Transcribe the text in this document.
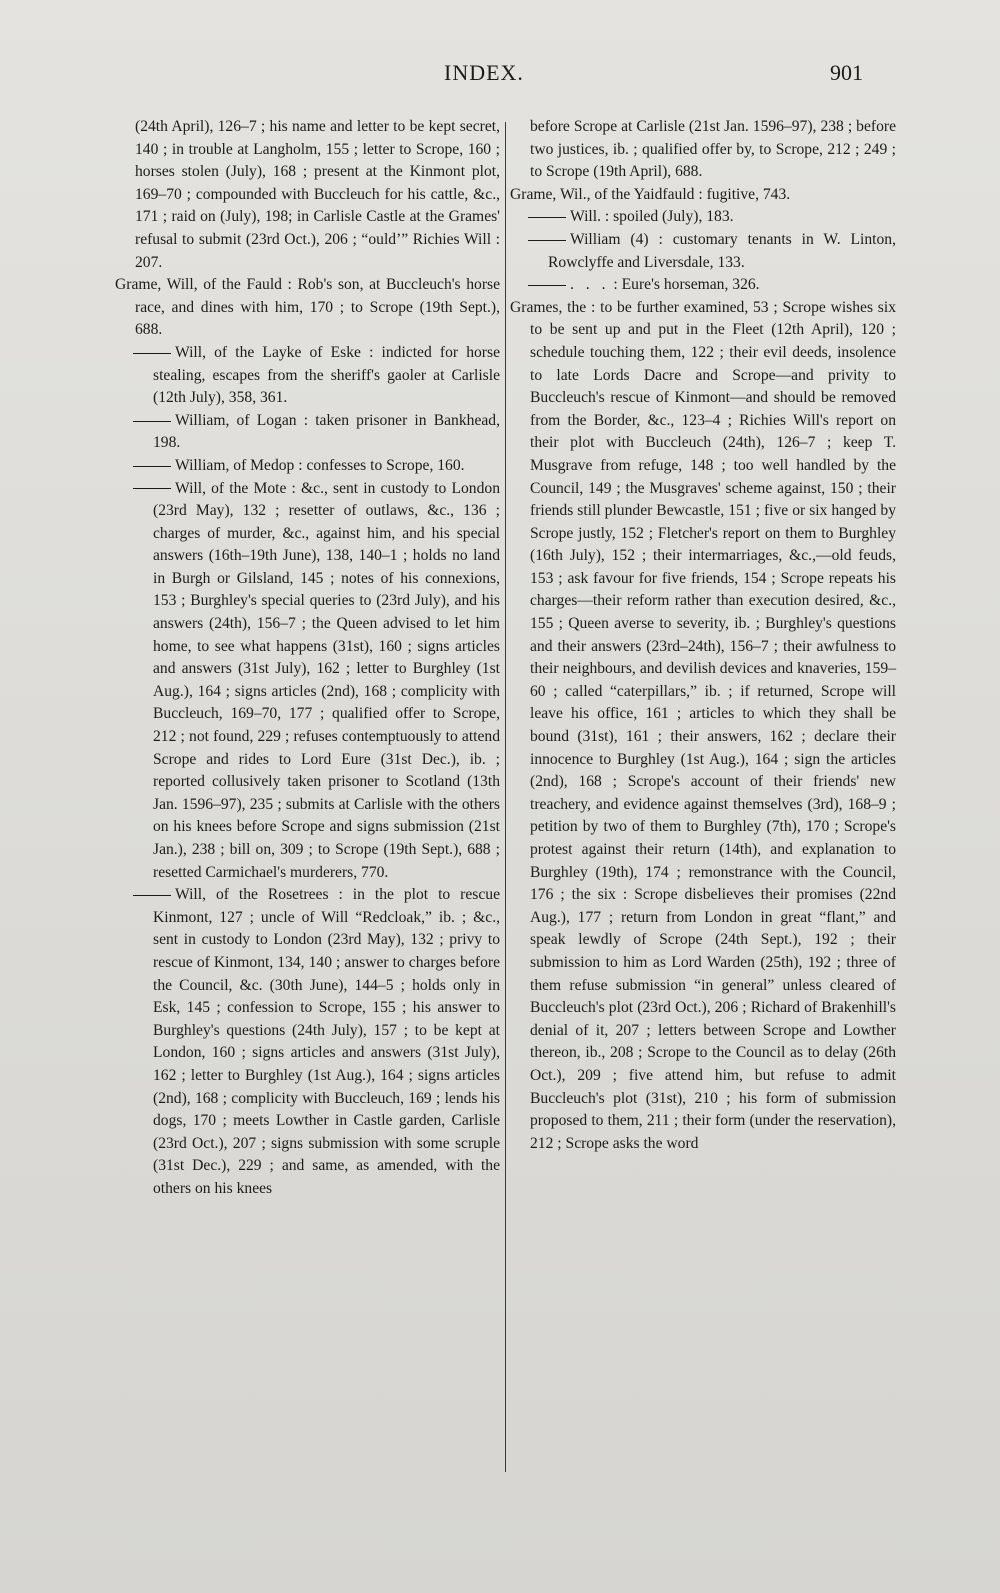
INDEX.	901

(24th April), 126–7 ; his name and letter to be kept secret, 140 ; in trouble at Langholm, 155 ; letter to Scrope, 160 ; horses stolen (July), 168 ; present at the Kinmont plot, 169–70 ; compounded with Buccleuch for his cattle, &c., 171 ; raid on (July), 198; in Carlisle Castle at the Grames' refusal to submit (23rd Oct.), 206 ; “ouldʼ” Richies Will : 207.

Grame, Will, of the Fauld : Rob's son, at Buccleuch's horse race, and dines with him, 170 ; to Scrope (19th Sept.), 688.

Will, of the Layke of Eske : indicted for horse stealing, escapes from the sheriff's gaoler at Carlisle (12th July), 358, 361.

William, of Logan : taken prisoner in Bankhead, 198.

William, of Medop : confesses to Scrope, 160.

Will, of the Mote : &c., sent in custody to London (23rd May), 132 ; resetter of outlaws, &c., 136 ; charges of murder, &c., against him, and his special answers (16th–19th June), 138, 140–1 ; holds no land in Burgh or Gilsland, 145 ; notes of his connexions, 153 ; Burghley's special queries to (23rd July), and his answers (24th), 156–7 ; the Queen advised to let him home, to see what happens (31st), 160 ; signs articles and answers (31st July), 162 ; letter to Burghley (1st Aug.), 164 ; signs articles (2nd), 168 ; complicity with Buccleuch, 169–70, 177 ; qualified offer to Scrope, 212 ; not found, 229 ; refuses contemptuously to attend Scrope and rides to Lord Eure (31st Dec.), ib. ; reported collusively taken prisoner to Scotland (13th Jan. 1596–97), 235 ; submits at Carlisle with the others on his knees before Scrope and signs submission (21st Jan.), 238 ; bill on, 309 ; to Scrope (19th Sept.), 688 ; resetted Carmichael's murderers, 770.

Will, of the Rosetrees : in the plot to rescue Kinmont, 127 ; uncle of Will “Redcloak,” ib. ; &c., sent in custody to London (23rd May), 132 ; privy to rescue of Kinmont, 134, 140 ; answer to charges before the Council, &c. (30th June), 144–5 ; holds only in Esk, 145 ; confession to Scrope, 155 ; his answer to Burghley's questions (24th July), 157 ; to be kept at London, 160 ; signs articles and answers (31st July), 162 ; letter to Burghley (1st Aug.), 164 ; signs articles (2nd), 168 ; complicity with Buccleuch, 169 ; lends his dogs, 170 ; meets Lowther in Castle garden, Carlisle (23rd Oct.), 207 ; signs submission with some scruple (31st Dec.), 229 ; and same, as amended, with the others on his knees

before Scrope at Carlisle (21st Jan. 1596–97), 238 ; before two justices, ib. ; qualified offer by, to Scrope, 212 ; 249 ; to Scrope (19th April), 688.

Grame, Wil., of the Yaidfauld : fugitive, 743.

Will. : spoiled (July), 183.

William (4) : customary tenants in W. Linton, Rowclyffe and Liversdale, 133.

. . . : Eure's horseman, 326.

Grames, the : to be further examined, 53 ; Scrope wishes six to be sent up and put in the Fleet (12th April), 120 ; schedule touching them, 122 ; their evil deeds, insolence to late Lords Dacre and Scrope—and privity to Buccleuch's rescue of Kinmont—and should be removed from the Border, &c., 123–4 ; Richies Will's report on their plot with Buccleuch (24th), 126–7 ; keep T. Musgrave from refuge, 148 ; too well handled by the Council, 149 ; the Musgraves' scheme against, 150 ; their friends still plunder Bewcastle, 151 ; five or six hanged by Scrope justly, 152 ; Fletcher's report on them to Burghley (16th July), 152 ; their intermarriages, &c.,—old feuds, 153 ; ask favour for five friends, 154 ; Scrope repeats his charges—their reform rather than execution desired, &c., 155 ; Queen averse to severity, ib. ; Burghley's questions and their answers (23rd–24th), 156–7 ; their awfulness to their neighbours, and devilish devices and knaveries, 159–60 ; called “caterpillars,” ib. ; if returned, Scrope will leave his office, 161 ; articles to which they shall be bound (31st), 161 ; their answers, 162 ; declare their innocence to Burghley (1st Aug.), 164 ; sign the articles (2nd), 168 ; Scrope's account of their friends' new treachery, and evidence against themselves (3rd), 168–9 ; petition by two of them to Burghley (7th), 170 ; Scrope's protest against their return (14th), and explanation to Burghley (19th), 174 ; remonstrance with the Council, 176 ; the six : Scrope disbelieves their promises (22nd Aug.), 177 ; return from London in great “flant,” and speak lewdly of Scrope (24th Sept.), 192 ; their submission to him as Lord Warden (25th), 192 ; three of them refuse submission “in general” unless cleared of Buccleuch's plot (23rd Oct.), 206 ; Richard of Brakenhill's denial of it, 207 ; letters between Scrope and Lowther thereon, ib., 208 ; Scrope to the Council as to delay (26th Oct.), 209 ; five attend him, but refuse to admit Buccleuch's plot (31st), 210 ; his form of submission proposed to them, 211 ; their form (under the reservation), 212 ; Scrope asks the word
